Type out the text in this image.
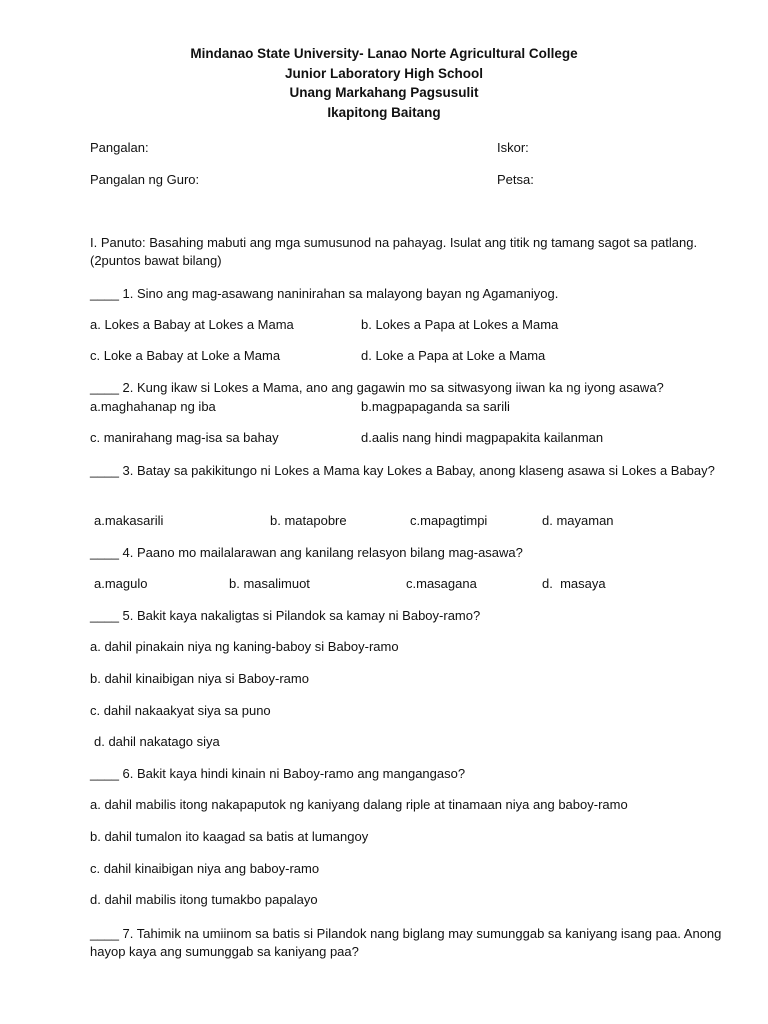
Mindanao State University- Lanao Norte Agricultural College
Junior Laboratory High School
Unang Markahang Pagsusulit
Ikapitong Baitang
Pangalan:	Iskor:
Pangalan ng Guro:	Petsa:
I. Panuto: Basahing mabuti ang mga sumusunod na pahayag. Isulat ang titik ng tamang sagot sa patlang. (2puntos bawat bilang)
____ 1. Sino ang mag-asawang naninirahan sa malayong bayan ng Agamaniyog.
a. Lokes a Babay at Lokes a Mama	b. Lokes a Papa at Lokes a Mama
c. Loke a Babay at Loke a Mama	d. Loke a Papa at Loke a Mama
____ 2. Kung ikaw si Lokes a Mama, ano ang gagawin mo sa sitwasyong iiwan ka ng iyong asawa?
a.maghahanap ng iba	b.magpapaganda sa sarili
c. manirahang mag-isa sa bahay	d.aalis nang hindi magpapakita kailanman
____ 3. Batay sa pakikitungo ni Lokes a Mama kay Lokes a Babay, anong klaseng asawa si Lokes a Babay?
a.makasarili	b. matapobre	c.mapagtimpi	d. mayaman
____ 4. Paano mo mailalarawan ang kanilang relasyon bilang mag-asawa?
a.magulo	b. masalimuot	c.masagana	d.  masaya
____ 5. Bakit kaya nakaligtas si Pilandok sa kamay ni Baboy-ramo?
a. dahil pinakain niya ng kaning-baboy si Baboy-ramo
b. dahil kinaibigan niya si Baboy-ramo
c. dahil nakaakyat siya sa puno
d. dahil nakatago siya
____ 6. Bakit kaya hindi kinain ni Baboy-ramo ang mangangaso?
a. dahil mabilis itong nakapaputok ng kaniyang dalang riple at tinamaan niya ang baboy-ramo
b. dahil tumalon ito kaagad sa batis at lumangoy
c. dahil kinaibigan niya ang baboy-ramo
d. dahil mabilis itong tumakbo papalayo
____ 7. Tahimik na umiinom sa batis si Pilandok nang biglang may sumunggab sa kaniyang isang paa. Anong hayop kaya ang sumunggab sa kaniyang paa?
